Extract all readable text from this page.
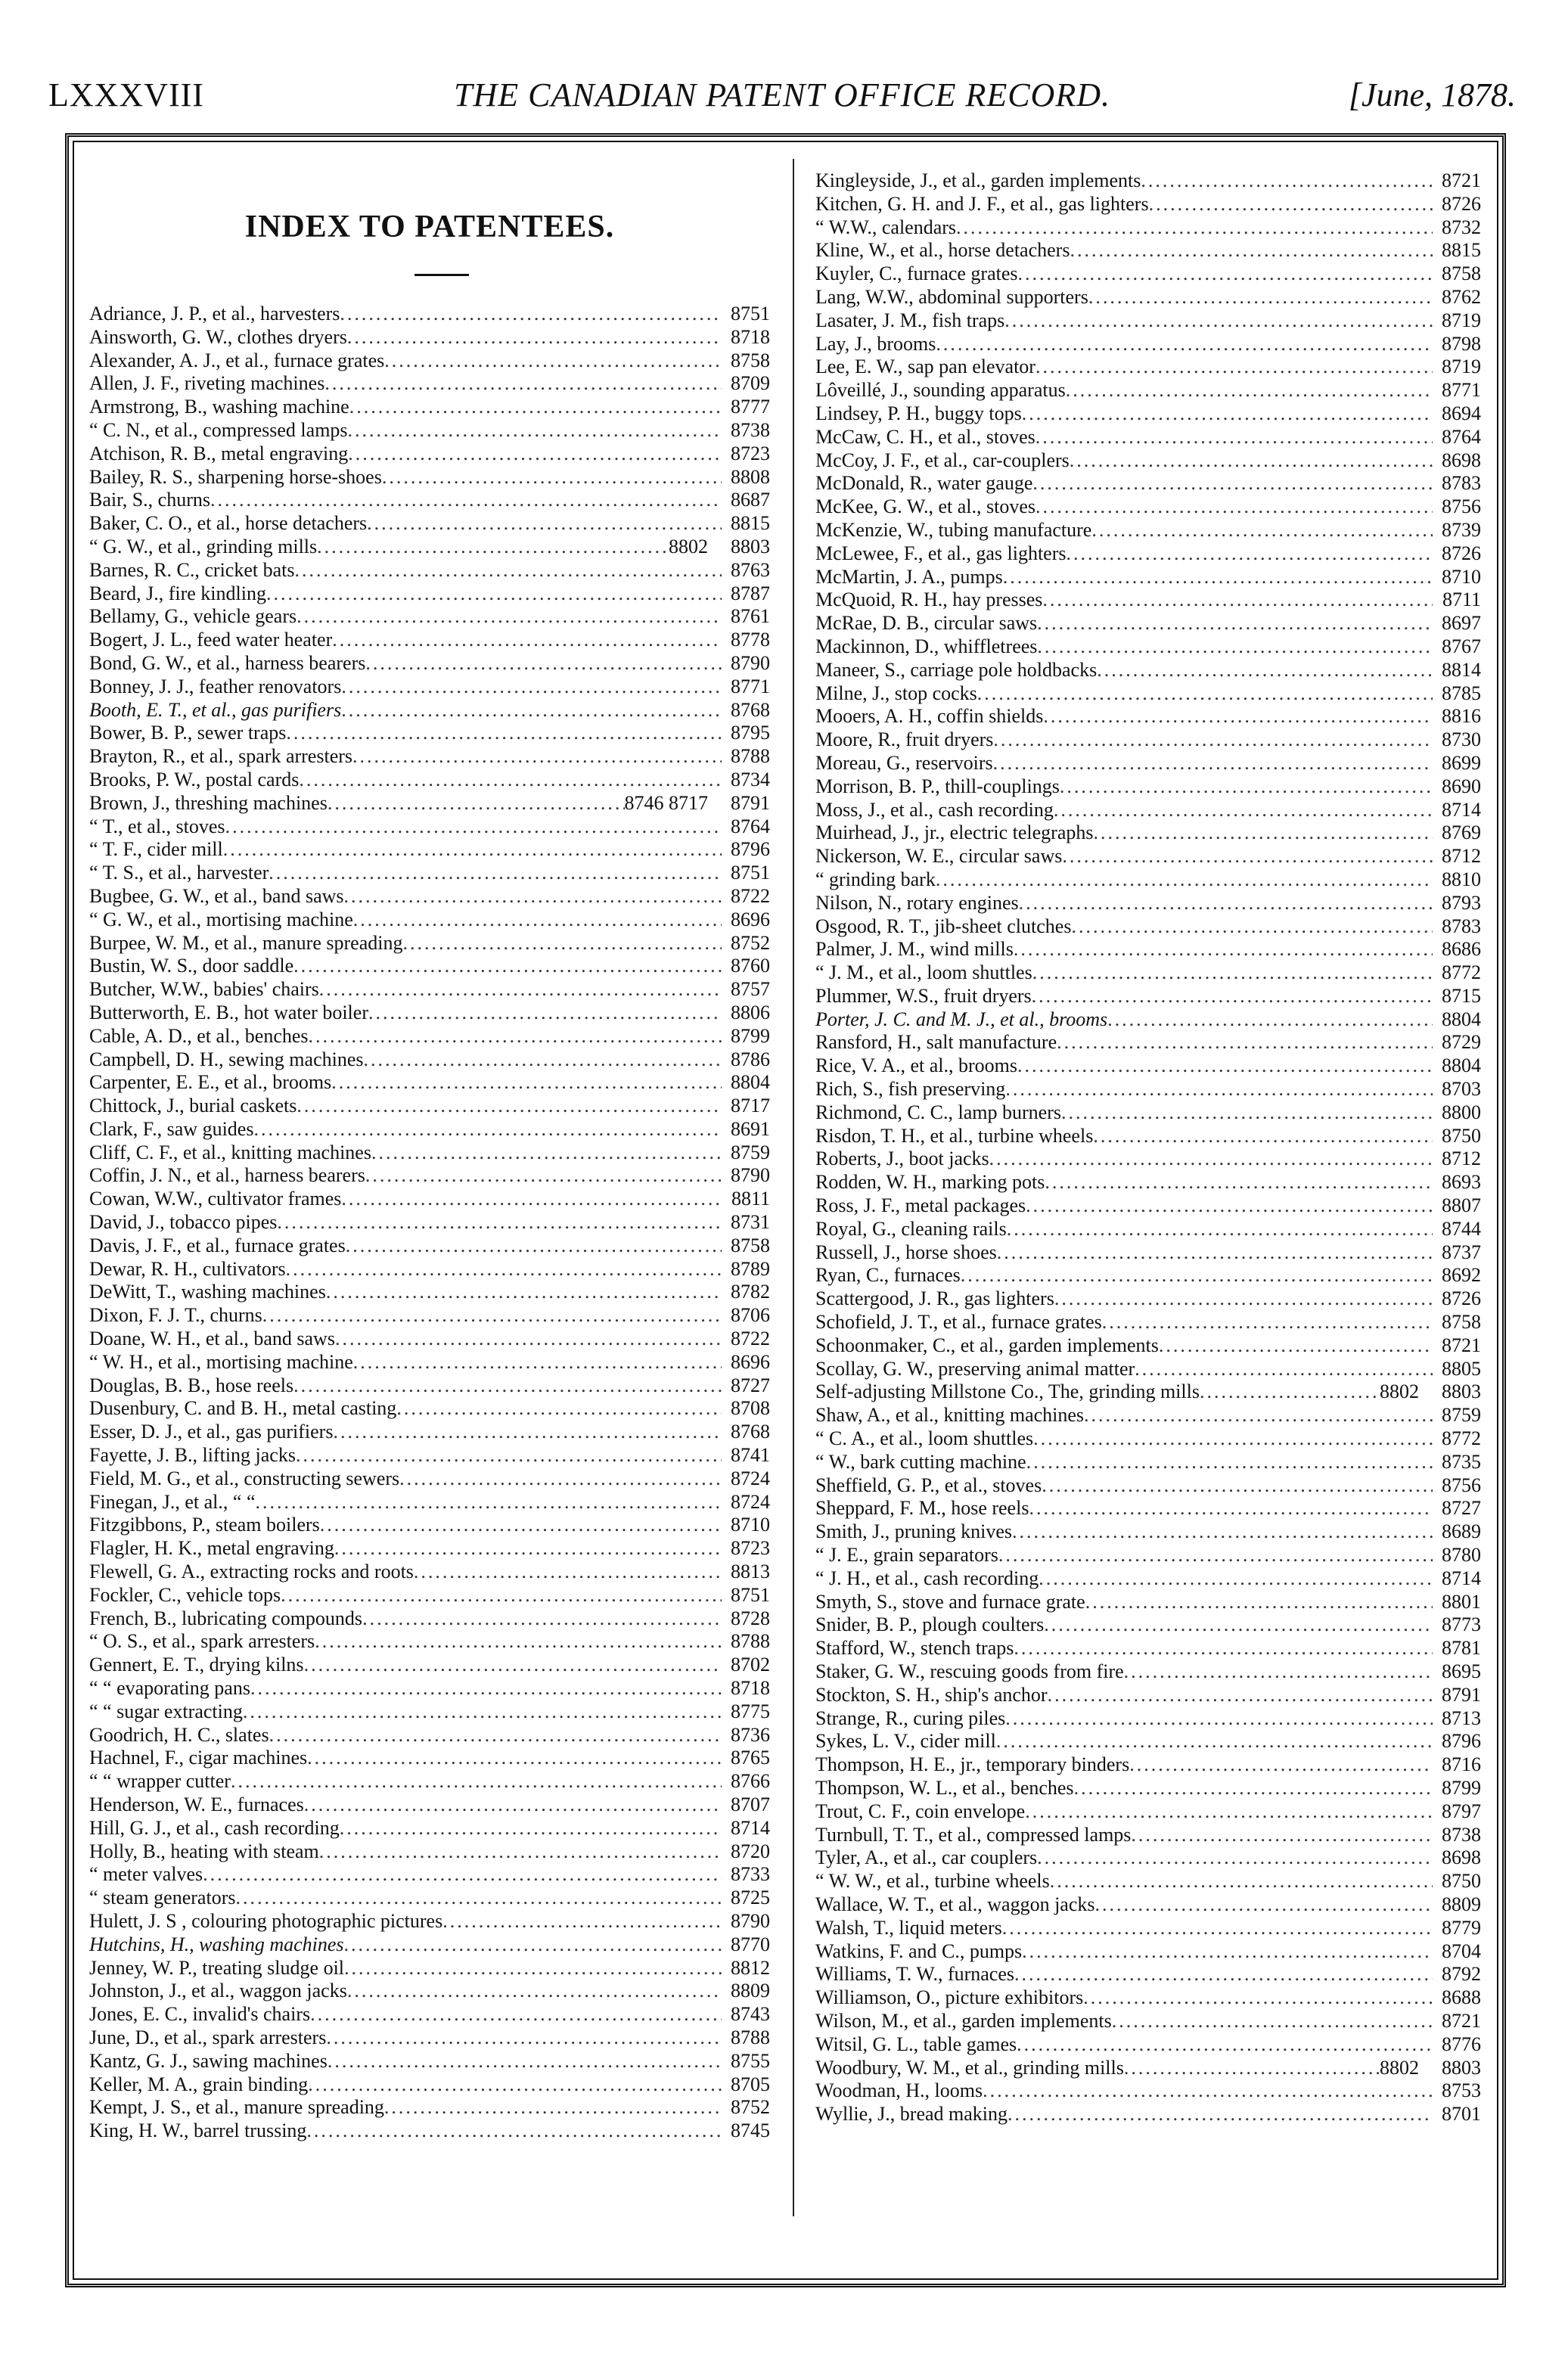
LXXXVIII	THE CANADIAN PATENT OFFICE RECORD.	[June, 1878.
INDEX TO PATENTEES.
Adriance, J. P., et al., harvesters .....	8751
Ainsworth, G. W., clothes dryers .....	8718
Alexander, A. J., et al., furnace grates .....	8758
Allen, J. F., riveting machines .....	8709
Armstrong, B., washing machine .....	8777
“ C. N., et al., compressed lamps .....	8738
Atchison, R. B., metal engraving .....	8723
Bailey, R. S., sharpening horse-shoes .....	8808
Bair, S., churns .....	8687
Baker, C. O., et al., horse detachers .....	8815
“ G. W., et al., grinding mills .....	8802	8803
Barnes, R. C., cricket bats .....	8763
Beard, J., fire kindling .....	8787
Bellamy, G., vehicle gears .....	8761
Bogert, J. L., feed water heater .....	8778
Bond, G. W., et al., harness bearers .....	8790
Bonney, J. J., feather renovators .....	8771
Booth, E. T., et al., gas purifiers .....	8768
Bower, B. P., sewer traps .....	8795
Brayton, R., et al., spark arresters .....	8788
Brooks, P. W., postal cards .....	8734
Brown, J., threshing machines .....	8746 8717	8791
“ T., et al., stoves .....	8764
“ T. F., cider mill .....	8796
“ T. S., et al., harvester .....	8751
Bugbee, G. W., et al., band saws .....	8722
“ G. W., et al., mortising machine .....	8696
Burpee, W. M., et al., manure spreading .....	8752
Bustin, W. S., door saddle .....	8760
Butcher, W.W., babies' chairs .....	8757
Butterworth, E. B., hot water boiler .....	8806
Cable, A. D., et al., benches .....	8799
Campbell, D. H., sewing machines .....	8786
Carpenter, E. E., et al., brooms .....	8804
Chittock, J., burial caskets .....	8717
Clark, F., saw guides .....	8691
Cliff, C. F., et al., knitting machines .....	8759
Coffin, J. N., et al., harness bearers .....	8790
Cowan, W.W., cultivator frames .....	8811
David, J., tobacco pipes .....	8731
Davis, J. F., et al., furnace grates .....	8758
Dewar, R. H., cultivators .....	8789
DeWitt, T., washing machines .....	8782
Dixon, F. J. T., churns .....	8706
Doane, W. H., et al., band saws .....	8722
“ W. H., et al., mortising machine .....	8696
Douglas, B. B., hose reels .....	8727
Dusenbury, C. and B. H., metal casting .....	8708
Esser, D. J., et al., gas purifiers .....	8768
Fayette, J. B., lifting jacks .....	8741
Field, M. G., et al., constructing sewers .....	8724
Finegan, J., et al., “ “ .....	8724
Fitzgibbons, P., steam boilers .....	8710
Flagler, H. K., metal engraving .....	8723
Flewell, G. A., extracting rocks and roots .....	8813
Fockler, C., vehicle tops .....	8751
French, B., lubricating compounds .....	8728
“ O. S., et al., spark arresters .....	8788
Gennert, E. T., drying kilns .....	8702
“ “ evaporating pans .....	8718
“ “ sugar extracting .....	8775
Goodrich, H. C., slates .....	8736
Hachnel, F., cigar machines .....	8765
“ “ wrapper cutter .....	8766
Henderson, W. E., furnaces .....	8707
Hill, G. J., et al., cash recording .....	8714
Holly, B., heating with steam .....	8720
“ meter valves .....	8733
“ steam generators .....	8725
Hulett, J. S , colouring photographic pictures .....	8790
Hutchins, H., washing machines .....	8770
Jenney, W. P., treating sludge oil .....	8812
Johnston, J., et al., waggon jacks .....	8809
Jones, E. C., invalid's chairs .....	8743
June, D., et al., spark arresters .....	8788
Kantz, G. J., sawing machines .....	8755
Keller, M. A., grain binding .....	8705
Kempt, J. S., et al., manure spreading .....	8752
King, H. W., barrel trussing .....	8745
Kingleyside, J., et al., garden implements .....	8721
Kitchen, G. H. and J. F., et al., gas lighters .....	8726
“ W.W., calendars .....	8732
Kline, W., et al., horse detachers .....	8815
Kuyler, C., furnace grates .....	8758
Lang, W.W., abdominal supporters .....	8762
Lasater, J. M., fish traps .....	8719
Lay, J., brooms .....	8798
Lee, E. W., sap pan elevator .....	8719
Lôveillé, J., sounding apparatus .....	8771
Lindsey, P. H., buggy tops .....	8694
McCaw, C. H., et al., stoves .....	8764
McCoy, J. F., et al., car-couplers .....	8698
McDonald, R., water gauge .....	8783
McKee, G. W., et al., stoves .....	8756
McKenzie, W., tubing manufacture .....	8739
McLewee, F., et al., gas lighters .....	8726
McMartin, J. A., pumps .....	8710
McQuoid, R. H., hay presses .....	8711
McRae, D. B., circular saws .....	8697
Mackinnon, D., whiffletrees .....	8767
Maneer, S., carriage pole holdbacks .....	8814
Milne, J., stop cocks .....	8785
Mooers, A. H., coffin shields .....	8816
Moore, R., fruit dryers .....	8730
Moreau, G., reservoirs .....	8699
Morrison, B. P., thill-couplings .....	8690
Moss, J., et al., cash recording .....	8714
Muirhead, J., jr., electric telegraphs .....	8769
Nickerson, W. E., circular saws .....	8712
“ grinding bark .....	8810
Nilson, N., rotary engines .....	8793
Osgood, R. T., jib-sheet clutches .....	8783
Palmer, J. M., wind mills .....	8686
“ J. M., et al., loom shuttles .....	8772
Plummer, W.S., fruit dryers .....	8715
Porter, J. C. and M. J., et al., brooms .....	8804
Ransford, H., salt manufacture .....	8729
Rice, V. A., et al., brooms .....	8804
Rich, S., fish preserving .....	8703
Richmond, C. C., lamp burners .....	8800
Risdon, T. H., et al., turbine wheels .....	8750
Roberts, J., boot jacks .....	8712
Rodden, W. H., marking pots .....	8693
Ross, J. F., metal packages .....	8807
Royal, G., cleaning rails .....	8744
Russell, J., horse shoes .....	8737
Ryan, C., furnaces .....	8692
Scattergood, J. R., gas lighters .....	8726
Schofield, J. T., et al., furnace grates .....	8758
Schoonmaker, C., et al., garden implements .....	8721
Scollay, G. W., preserving animal matter .....	8805
Self-adjusting Millstone Co., The, grinding mills .....	8802	8803
Shaw, A., et al., knitting machines .....	8759
“ C. A., et al., loom shuttles .....	8772
“ W., bark cutting machine .....	8735
Sheffield, G. P., et al., stoves .....	8756
Sheppard, F. M., hose reels .....	8727
Smith, J., pruning knives .....	8689
“ J. E., grain separators .....	8780
“ J. H., et al., cash recording .....	8714
Smyth, S., stove and furnace grate .....	8801
Snider, B. P., plough coulters .....	8773
Stafford, W., stench traps .....	8781
Staker, G. W., rescuing goods from fire .....	8695
Stockton, S. H., ship's anchor .....	8791
Strange, R., curing piles .....	8713
Sykes, L. V., cider mill .....	8796
Thompson, H. E., jr., temporary binders .....	8716
Thompson, W. L., et al., benches .....	8799
Trout, C. F., coin envelope .....	8797
Turnbull, T. T., et al., compressed lamps .....	8738
Tyler, A., et al., car couplers .....	8698
“ W. W., et al., turbine wheels .....	8750
Wallace, W. T., et al., waggon jacks .....	8809
Walsh, T., liquid meters .....	8779
Watkins, F. and C., pumps .....	8704
Williams, T. W., furnaces .....	8792
Williamson, O., picture exhibitors .....	8688
Wilson, M., et al., garden implements .....	8721
Witsil, G. L., table games .....	8776
Woodbury, W. M., et al., grinding mills .....	8802	8803
Woodman, H., looms .....	8753
Wyllie, J., bread making .....	8701
